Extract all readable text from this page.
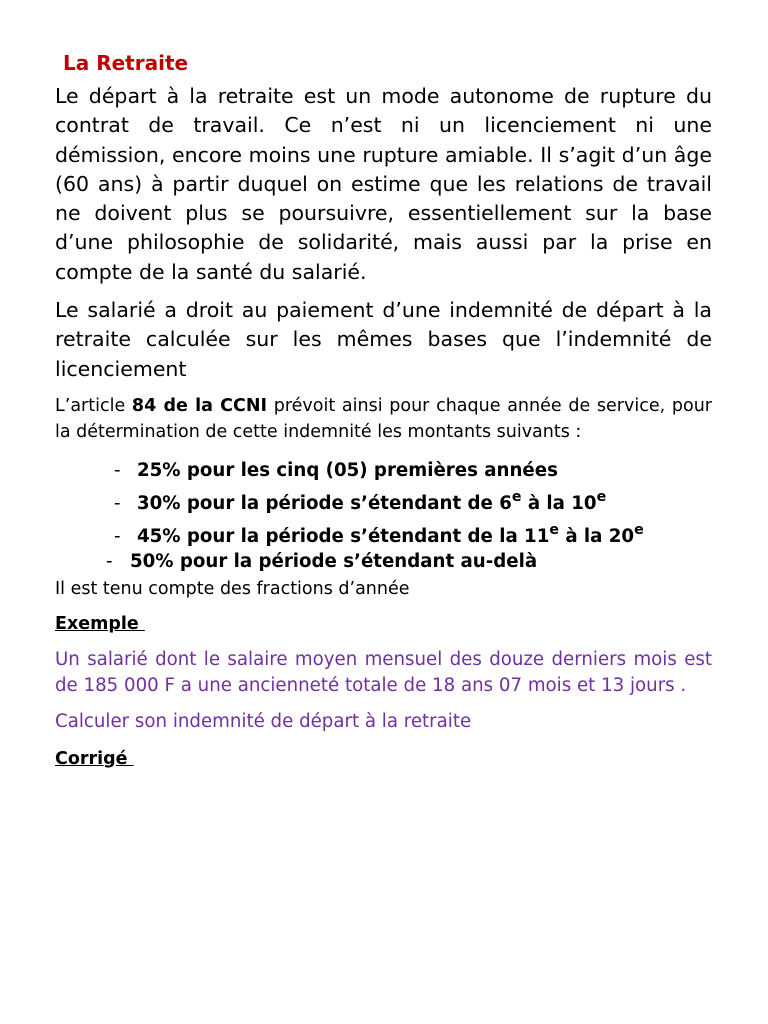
La Retraite

Le départ à la retraite est un mode autonome de rupture du contrat de travail. Ce n’est ni un licenciement ni une démission, encore moins une rupture amiable. Il s’agit d’un âge (60 ans) à partir duquel on estime que les relations de travail ne doivent plus se poursuivre, essentiellement sur la base d’une philosophie de solidarité, mais aussi par la prise en compte de la santé du salarié.

Le salarié a droit au paiement d’une indemnité de départ à la retraite calculée sur les mêmes bases que l’indemnité de licenciement

L’article 84 de la CCNI prévoit ainsi pour chaque année de service, pour la détermination de cette indemnité les montants suivants :

- 25% pour les cinq (05) premières années
- 30% pour la période s’étendant de 6e à la 10e
- 45% pour la période s’étendant de la 11e à la 20e
- 50% pour la période s’étendant au-delà

Il est tenu compte des fractions d’année

Exemple

Un salarié dont le salaire moyen mensuel des douze derniers mois est de 185 000 F a une ancienneté totale de 18 ans 07 mois et 13 jours .

Calculer son indemnité de départ à la retraite

Corrigé
